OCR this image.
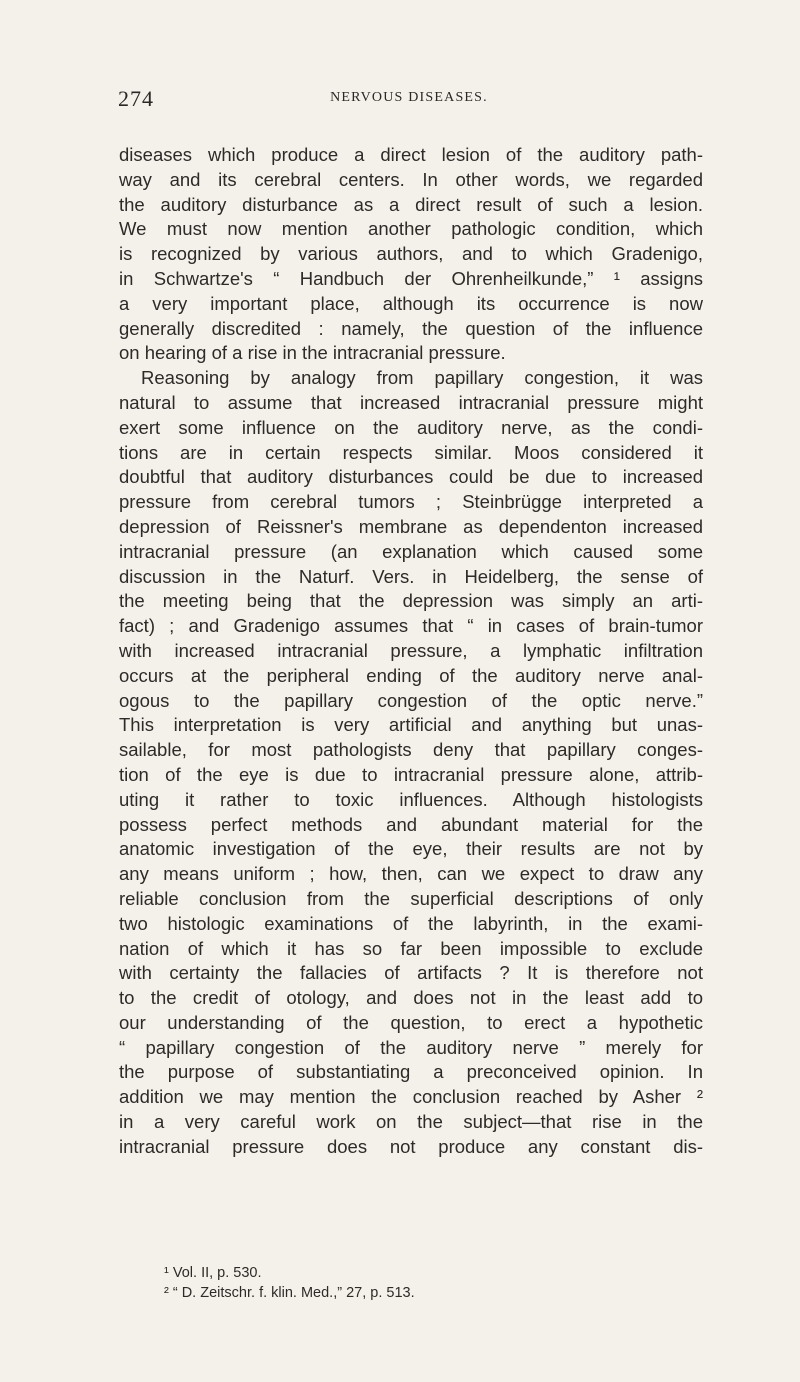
274	NERVOUS DISEASES.
diseases which produce a direct lesion of the auditory path-
way and its cerebral centers. In other words, we regarded
the auditory disturbance as a direct result of such a lesion.
We must now mention another pathologic condition, which
is recognized by various authors, and to which Gradenigo,
in Schwartze's “ Handbuch der Ohrenheilkunde,” ¹ assigns
a very important place, although its occurrence is now
generally discredited : namely, the question of the influence
on hearing of a rise in the intracranial pressure.
Reasoning by analogy from papillary congestion, it was
natural to assume that increased intracranial pressure might
exert some influence on the auditory nerve, as the condi-
tions are in certain respects similar. Moos considered it
doubtful that auditory disturbances could be due to increased
pressure from cerebral tumors ; Steinbrügge interpreted a
depression of Reissner's membrane as dependenton increased
intracranial pressure (an explanation which caused some
discussion in the Naturf. Vers. in Heidelberg, the sense of
the meeting being that the depression was simply an arti-
fact) ; and Gradenigo assumes that “ in cases of brain-tumor
with increased intracranial pressure, a lymphatic infiltration
occurs at the peripheral ending of the auditory nerve anal-
ogous to the papillary congestion of the optic nerve.”
This interpretation is very artificial and anything but unas-
sailable, for most pathologists deny that papillary conges-
tion of the eye is due to intracranial pressure alone, attrib-
uting it rather to toxic influences. Although histologists
possess perfect methods and abundant material for the
anatomic investigation of the eye, their results are not by
any means uniform ; how, then, can we expect to draw any
reliable conclusion from the superficial descriptions of only
two histologic examinations of the labyrinth, in the exami-
nation of which it has so far been impossible to exclude
with certainty the fallacies of artifacts ? It is therefore not
to the credit of otology, and does not in the least add to
our understanding of the question, to erect a hypothetic
“ papillary congestion of the auditory nerve ” merely for
the purpose of substantiating a preconceived opinion. In
addition we may mention the conclusion reached by Asher ²
in a very careful work on the subject—that rise in the
intracranial pressure does not produce any constant dis-
¹ Vol. II, p. 530.
² “ D. Zeitschr. f. klin. Med.,” 27, p. 513.
